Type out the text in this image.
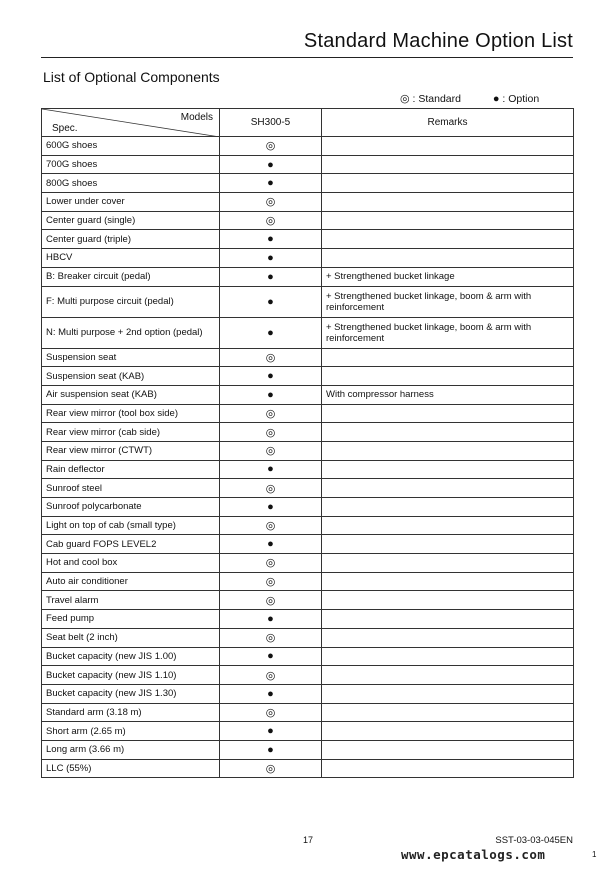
Standard Machine Option List
List of Optional Components
◎ : Standard	● : Option
Models
Spec.	SH300-5	Remarks
600G shoes	◎	
700G shoes	●	
800G shoes	●	
Lower under cover	◎	
Center guard (single)	◎	
Center guard (triple)	●	
HBCV	●	
B: Breaker circuit (pedal)	●	+ Strengthened bucket linkage
F: Multi purpose circuit (pedal)	●	+ Strengthened bucket linkage, boom & arm with reinforcement
N: Multi purpose + 2nd option (pedal)	●	+ Strengthened bucket linkage, boom & arm with reinforcement
Suspension seat	◎	
Suspension seat (KAB)	●	
Air suspension seat (KAB)	●	With compressor harness
Rear view mirror (tool box side)	◎	
Rear view mirror (cab side)	◎	
Rear view mirror (CTWT)	◎	
Rain deflector	●	
Sunroof steel	◎	
Sunroof polycarbonate	●	
Light on top of cab (small type)	◎	
Cab guard FOPS LEVEL2	●	
Hot and cool box	◎	
Auto air conditioner	◎	
Travel alarm	◎	
Feed pump	●	
Seat belt (2 inch)	◎	
Bucket capacity (new JIS 1.00)	●	
Bucket capacity (new JIS 1.10)	◎	
Bucket capacity (new JIS 1.30)	●	
Standard arm (3.18 m)	◎	
Short arm (2.65 m)	●	
Long arm (3.66 m)	●	
LLC (55%)	◎	
17	SST-03-03-045EN
www.epcatalogs.com	1
